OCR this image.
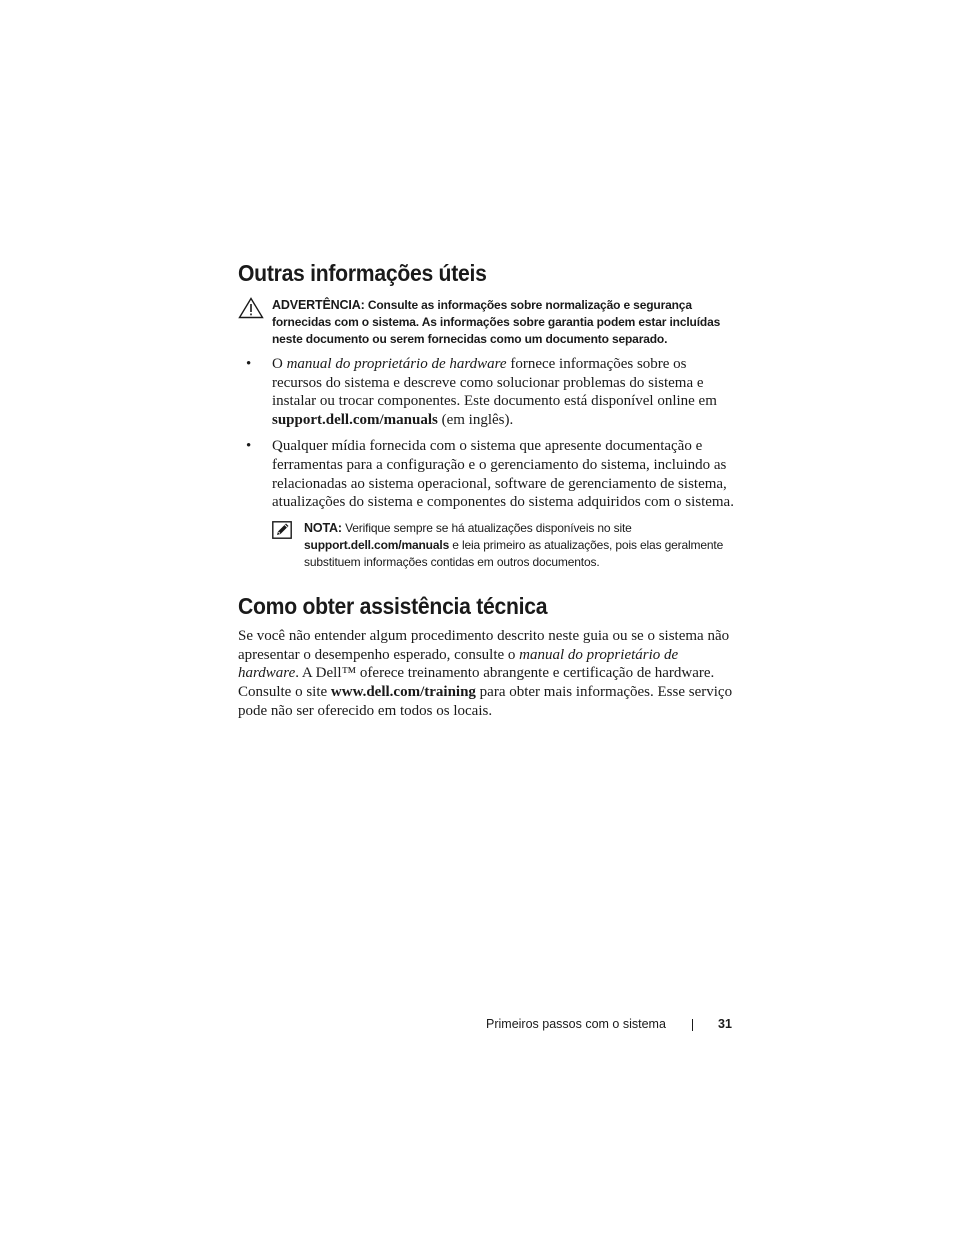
Outras informações úteis
ADVERTÊNCIA: Consulte as informações sobre normalização e segurança fornecidas com o sistema. As informações sobre garantia podem estar incluídas neste documento ou serem fornecidas como um documento separado.
• O manual do proprietário de hardware fornece informações sobre os recursos do sistema e descreve como solucionar problemas do sistema e instalar ou trocar componentes. Este documento está disponível online em support.dell.com/manuals (em inglês).
• Qualquer mídia fornecida com o sistema que apresente documentação e ferramentas para a configuração e o gerenciamento do sistema, incluindo as relacionadas ao sistema operacional, software de gerenciamento de sistema, atualizações do sistema e componentes do sistema adquiridos com o sistema.
NOTA: Verifique sempre se há atualizações disponíveis no site support.dell.com/manuals e leia primeiro as atualizações, pois elas geralmente substituem informações contidas em outros documentos.
Como obter assistência técnica

Se você não entender algum procedimento descrito neste guia ou se o sistema não apresentar o desempenho esperado, consulte o manual do proprietário de hardware. A Dell™ oferece treinamento abrangente e certificação de hardware. Consulte o site www.dell.com/training para obter mais informações. Esse serviço pode não ser oferecido em todos os locais.

Primeiros passos com o sistema	31
